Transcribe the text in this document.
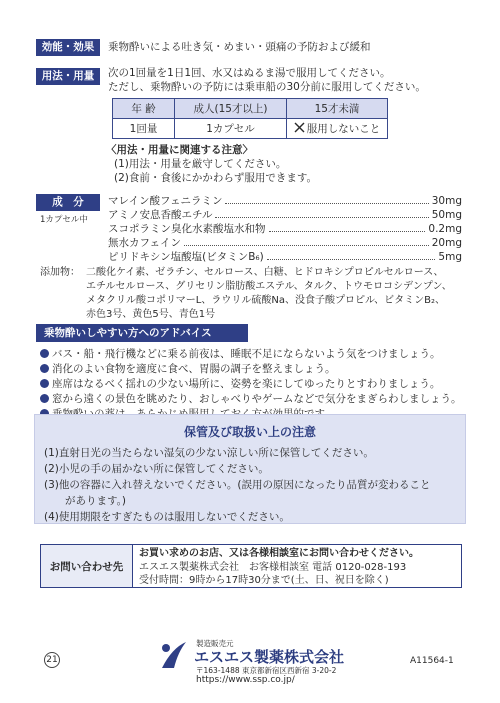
効能・効果	乗物酔いによる吐き気・めまい・頭痛の予防および緩和
用法・用量	次の1回量を1日1回、水又はぬるま湯で服用してください。
ただし、乗物酔いの予防には乗車船の30分前に服用してください。
年 齢	成人(15才以上)	15才未満
1回量	1カプセル	服用しないこと
〈用法・用量に関連する注意〉
(1)用法・用量を厳守してください。
(2)食前・食後にかかわらず服用できます。
成　分
1カプセル中
マレイン酸フェニラミン	30mg
アミノ安息香酸エチル	50mg
スコポラミン臭化水素酸塩水和物	0.2mg
無水カフェイン	20mg
ピリドキシン塩酸塩(ビタミンB₆)	5mg
添加物： 二酸化ケイ素、ゼラチン、セルロース、白糖、ヒドロキシプロピルセルロース、
エチルセルロース、グリセリン脂肪酸エステル、タルク、トウモロコシデンプン、
メタクリル酸コポリマーL、ラウリル硫酸Na、没食子酸プロピル、ビタミンB₂、
赤色3号、黄色5号、青色1号
乗物酔いしやすい方へのアドバイス
バス・船・飛行機などに乗る前夜は、睡眠不足にならないよう気をつけましょう。
消化のよい食物を適度に食べ、胃腸の調子を整えましょう。
座席はなるべく揺れの少ない場所に、姿勢を楽にしてゆったりとすわりましょう。
窓から遠くの景色を眺めたり、おしゃべりやゲームなどで気分をまぎらわしましょう。
保管及び取扱い上の注意
(1)直射日光の当たらない湿気の少ない涼しい所に保管してください。
(2)小児の手の届かない所に保管してください。
(3)他の容器に入れ替えないでください。(誤用の原因になったり品質が変わること
　　があります。)
(4)使用期限をすぎたものは服用しないでください。
お問い合わせ先
お買い求めのお店、又は各様相談室にお問い合わせください。
エスエス製薬株式会社　お客様相談室 電話 0120-028-193
受付時間：9時から17時30分まで(土、日、祝日を除く)
製造販売元
エスエス製薬株式会社
〒163-1488 東京都新宿区西新宿 3-20-2
https://www.ssp.co.jp/
21	A11564-1
